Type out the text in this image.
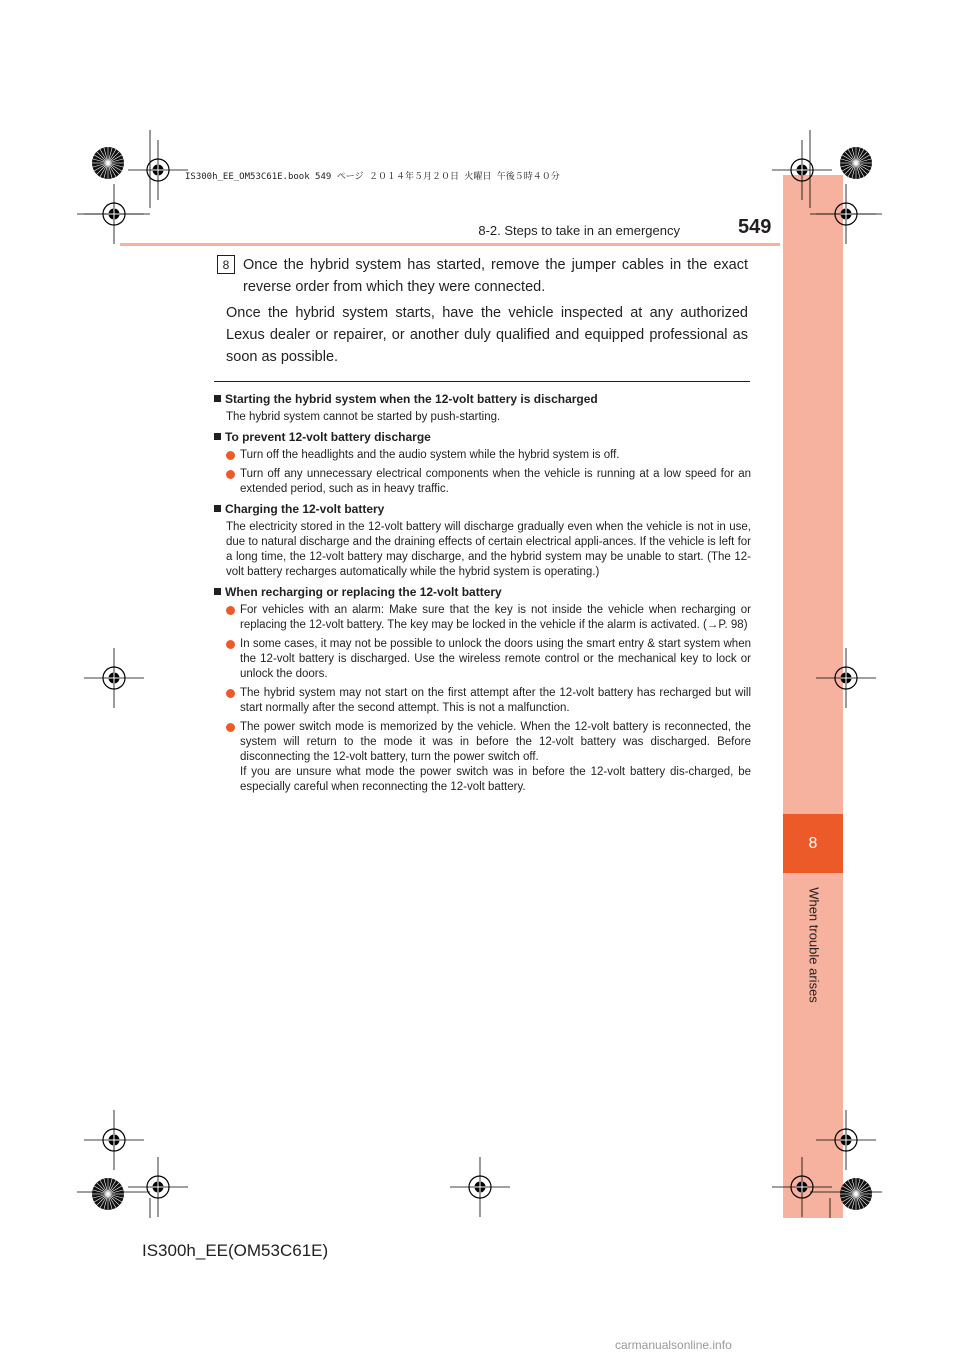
8
When trouble arises
8-2. Steps to take in an emergency	549
IS300h_EE_OM53C61E.book 549 ページ ２０１４年５月２０日 火曜日 午後５時４０分
8 Once the hybrid system has started, remove the jumper cables in the exact reverse order from which they were connected.
Once the hybrid system starts, have the vehicle inspected at any authorized Lexus dealer or repairer, or another duly qualified and equipped professional as soon as possible.
Starting the hybrid system when the 12-volt battery is discharged
The hybrid system cannot be started by push-starting.
To prevent 12-volt battery discharge
Turn off the headlights and the audio system while the hybrid system is off.
Turn off any unnecessary electrical components when the vehicle is running at a low speed for an extended period, such as in heavy traffic.
Charging the 12-volt battery
The electricity stored in the 12-volt battery will discharge gradually even when the vehicle is not in use, due to natural discharge and the draining effects of certain electrical appli-ances. If the vehicle is left for a long time, the 12-volt battery may discharge, and the hybrid system may be unable to start. (The 12-volt battery recharges automatically while the hybrid system is operating.)
When recharging or replacing the 12-volt battery
For vehicles with an alarm: Make sure that the key is not inside the vehicle when recharging or replacing the 12-volt battery. The key may be locked in the vehicle if the alarm is activated. (→P. 98)
In some cases, it may not be possible to unlock the doors using the smart entry & start system when the 12-volt battery is discharged. Use the wireless remote control or the mechanical key to lock or unlock the doors.
The hybrid system may not start on the first attempt after the 12-volt battery has recharged but will start normally after the second attempt. This is not a malfunction.

The power switch mode is memorized by the vehicle. When the 12-volt battery is reconnected, the system will return to the mode it was in before the 12-volt battery was discharged. Before disconnecting the 12-volt battery, turn the power switch off.

If you are unsure what mode the power switch was in before the 12-volt battery dis-charged, be especially careful when reconnecting the 12-volt battery.

IS300h_EE(OM53C61E)
carmanualsonline.info
